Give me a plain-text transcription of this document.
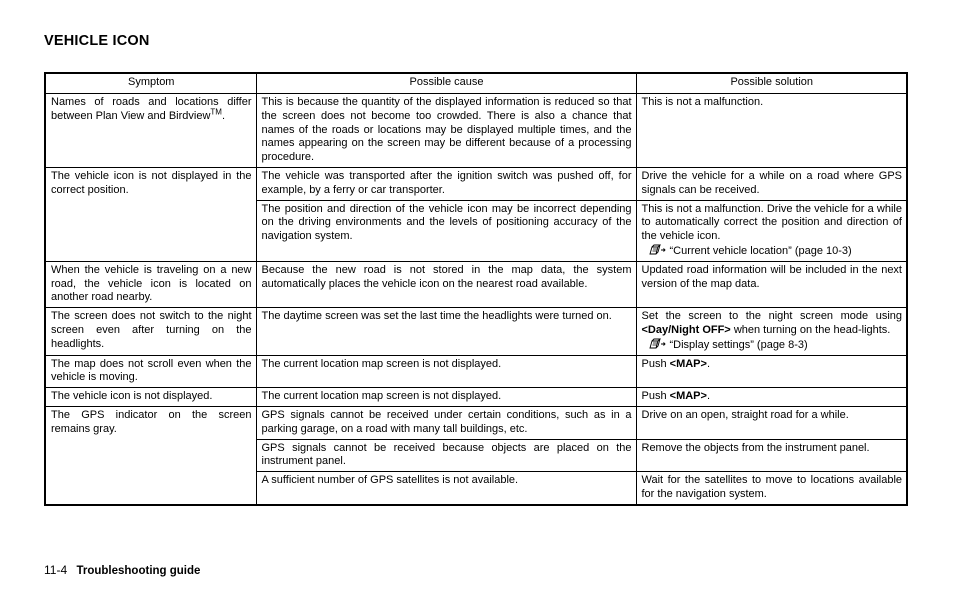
VEHICLE ICON
Symptom	Possible cause	Possible solution
Names of roads and locations differ between Plan View and Birdview™.	This is because the quantity of the displayed information is reduced so that the screen does not become too crowded. There is also a chance that names of the roads or locations may be displayed multiple times, and the names appearing on the screen may be different because of a processing procedure.	This is not a malfunction.
The vehicle icon is not displayed in the correct position.	The vehicle was transported after the ignition switch was pushed off, for example, by a ferry or car transporter.	Drive the vehicle for a while on a road where GPS signals can be received.
	The position and direction of the vehicle icon may be incorrect depending on the driving environments and the levels of positioning accuracy of the navigation system.	This is not a malfunction. Drive the vehicle for a while to automatically correct the position and direction of the vehicle icon.
“Current vehicle location” (page 10-3)

When the vehicle is traveling on a new road, the vehicle icon is located on another road nearby.	Because the new road is not stored in the map data, the system automatically places the vehicle icon on the nearest road available.	Updated road information will be included in the next version of the map data.
The screen does not switch to the night screen even after turning on the headlights.	The daytime screen was set the last time the headlights were turned on.	Set the screen to the night screen mode using <Day/Night OFF> when turning on the head-lights.
“Display settings” (page 8-3)

The map does not scroll even when the vehicle is moving.	The current location map screen is not displayed.	Push <MAP>.
The vehicle icon is not displayed.	The current location map screen is not displayed.	Push <MAP>.
The GPS indicator on the screen remains gray.	GPS signals cannot be received under certain conditions, such as in a parking garage, on a road with many tall buildings, etc.	Drive on an open, straight road for a while.
	GPS signals cannot be received because objects are placed on the instrument panel.	Remove the objects from the instrument panel.
	A sufficient number of GPS satellites is not available.	Wait for the satellites to move to locations available for the navigation system.
11-4 Troubleshooting guide
